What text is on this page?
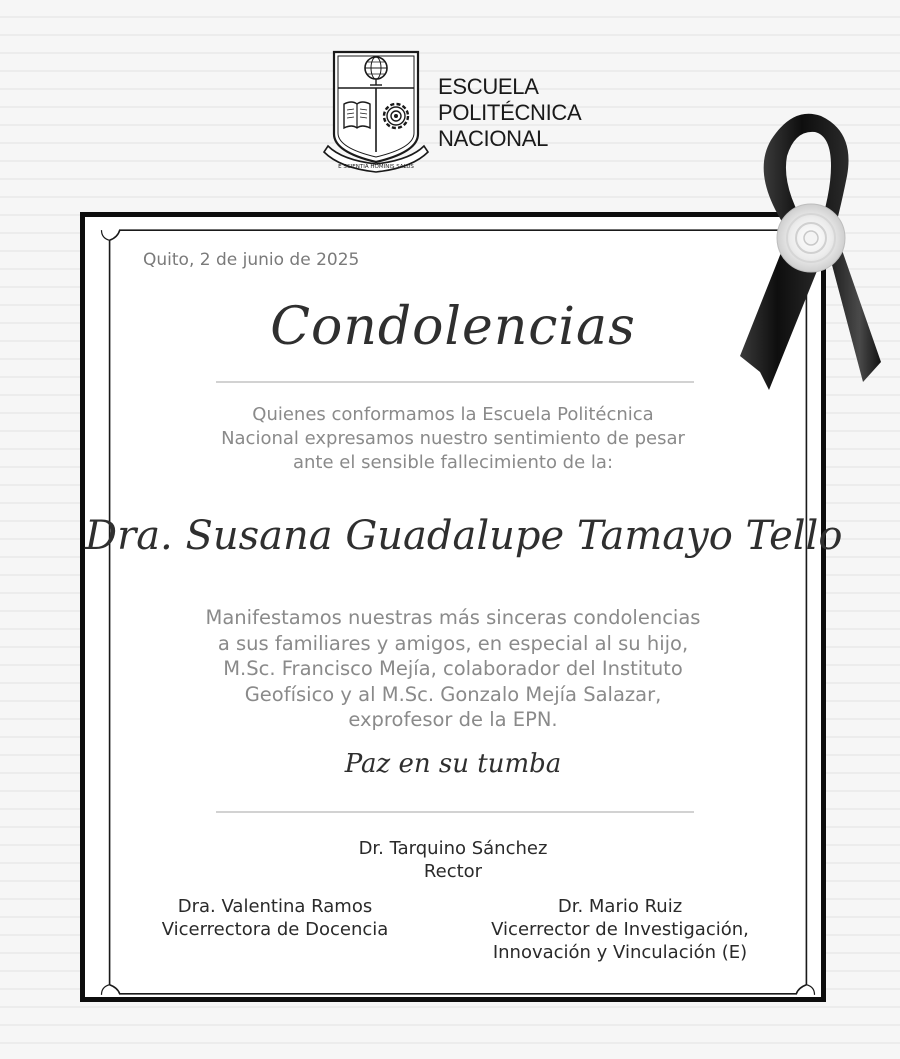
E SCIENTIA HOMINIS SALUS
ESCUELA
POLITÉCNICA
NACIONAL
Quito, 2 de junio de 2025
Condolencias
Quienes conformamos la Escuela Politécnica Nacional expresamos nuestro sentimiento de pesar ante el sensible fallecimiento de la:
Dra. Susana Guadalupe Tamayo Tello
Manifestamos nuestras más sinceras condolencias a sus familiares y amigos, en especial al su hijo, M.Sc. Francisco Mejía, colaborador del Instituto Geofísico y al M.Sc. Gonzalo Mejía Salazar, exprofesor de la EPN.
Paz en su tumba
Dr. Tarquino Sánchez
Rector
Dra. Valentina Ramos
Vicerrectora de Docencia
Dr. Mario Ruiz
Vicerrector de Investigación,
Innovación y Vinculación (E)
